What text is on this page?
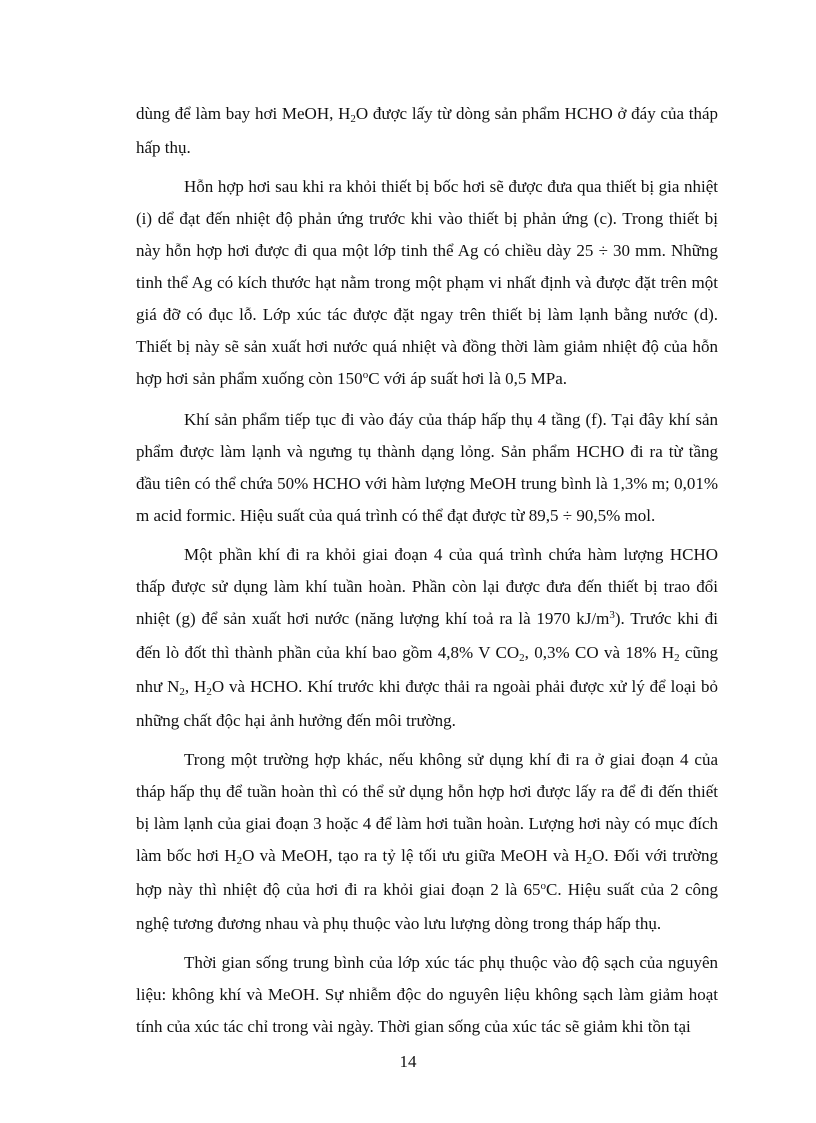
dùng để làm bay hơi MeOH, $H_2O$ được lấy từ dòng sản phẩm HCHO ở đáy của tháp hấp thụ.

Hỗn hợp hơi sau khi ra khỏi thiết bị bốc hơi sẽ được đưa qua thiết bị gia nhiệt (i) dể đạt đến nhiệt độ phản ứng trước khi vào thiết bị phản ứng (c). Trong thiết bị này hỗn hợp hơi được đi qua một lớp tinh thể Ag có chiều dày 25 ÷ 30 mm. Những tinh thể Ag có kích thước hạt nằm trong một phạm vi nhất định và được đặt trên một giá đỡ có đục lỗ. Lớp xúc tác được đặt ngay trên thiết bị làm lạnh bằng nước (d). Thiết bị này sẽ sản xuất hơi nước quá nhiệt và đồng thời làm giảm nhiệt độ của hỗn hợp hơi sản phẩm xuống còn 150$^o$C với áp suất hơi là 0,5 MPa.

Khí sản phẩm tiếp tục đi vào đáy của tháp hấp thụ 4 tầng (f). Tại đây khí sản phẩm được làm lạnh và ngưng tụ thành dạng lỏng. Sản phẩm HCHO đi ra từ tầng đầu tiên có thể chứa 50% HCHO với hàm lượng MeOH trung bình là 1,3% m; 0,01% m acid formic. Hiệu suất của quá trình có thể đạt được từ 89,5 ÷ 90,5% mol.

Một phần khí đi ra khỏi giai đoạn 4 của quá trình chứa hàm lượng HCHO thấp được sử dụng làm khí tuần hoàn. Phần còn lại được đưa đến thiết bị trao đổi nhiệt (g) để sản xuất hơi nước (năng lượng khí toả ra là 1970 $kJ/m^3$). Trước khi đi đến lò đốt thì thành phần của khí bao gồm 4,8% V $CO_2$, 0,3% CO và 18% $H_2$ cũng như $N_2$, $H_2O$ và HCHO. Khí trước khi được thải ra ngoài phải được xử lý để loại bỏ những chất độc hại ảnh hưởng đến môi trường.

Trong một trường hợp khác, nếu không sử dụng khí đi ra ở giai đoạn 4 của tháp hấp thụ để tuần hoàn thì có thể sử dụng hỗn hợp hơi được lấy ra để đi đến thiết bị làm lạnh của giai đoạn 3 hoặc 4 để làm hơi tuần hoàn. Lượng hơi này có mục đích làm bốc hơi $H_2O$ và MeOH, tạo ra tỷ lệ tối ưu giữa MeOH và $H_2O$. Đối với trường hợp này thì nhiệt độ của hơi đi ra khỏi giai đoạn 2 là 65$^o$C. Hiệu suất của 2 công nghệ tương đương nhau và phụ thuộc vào lưu lượng dòng trong tháp hấp thụ.

Thời gian sống trung bình của lớp xúc tác phụ thuộc vào độ sạch của nguyên liệu: không khí và MeOH. Sự nhiễm độc do nguyên liệu không sạch làm giảm hoạt tính của xúc tác chỉ trong vài ngày. Thời gian sống của xúc tác sẽ giảm khi tồn tại

14
